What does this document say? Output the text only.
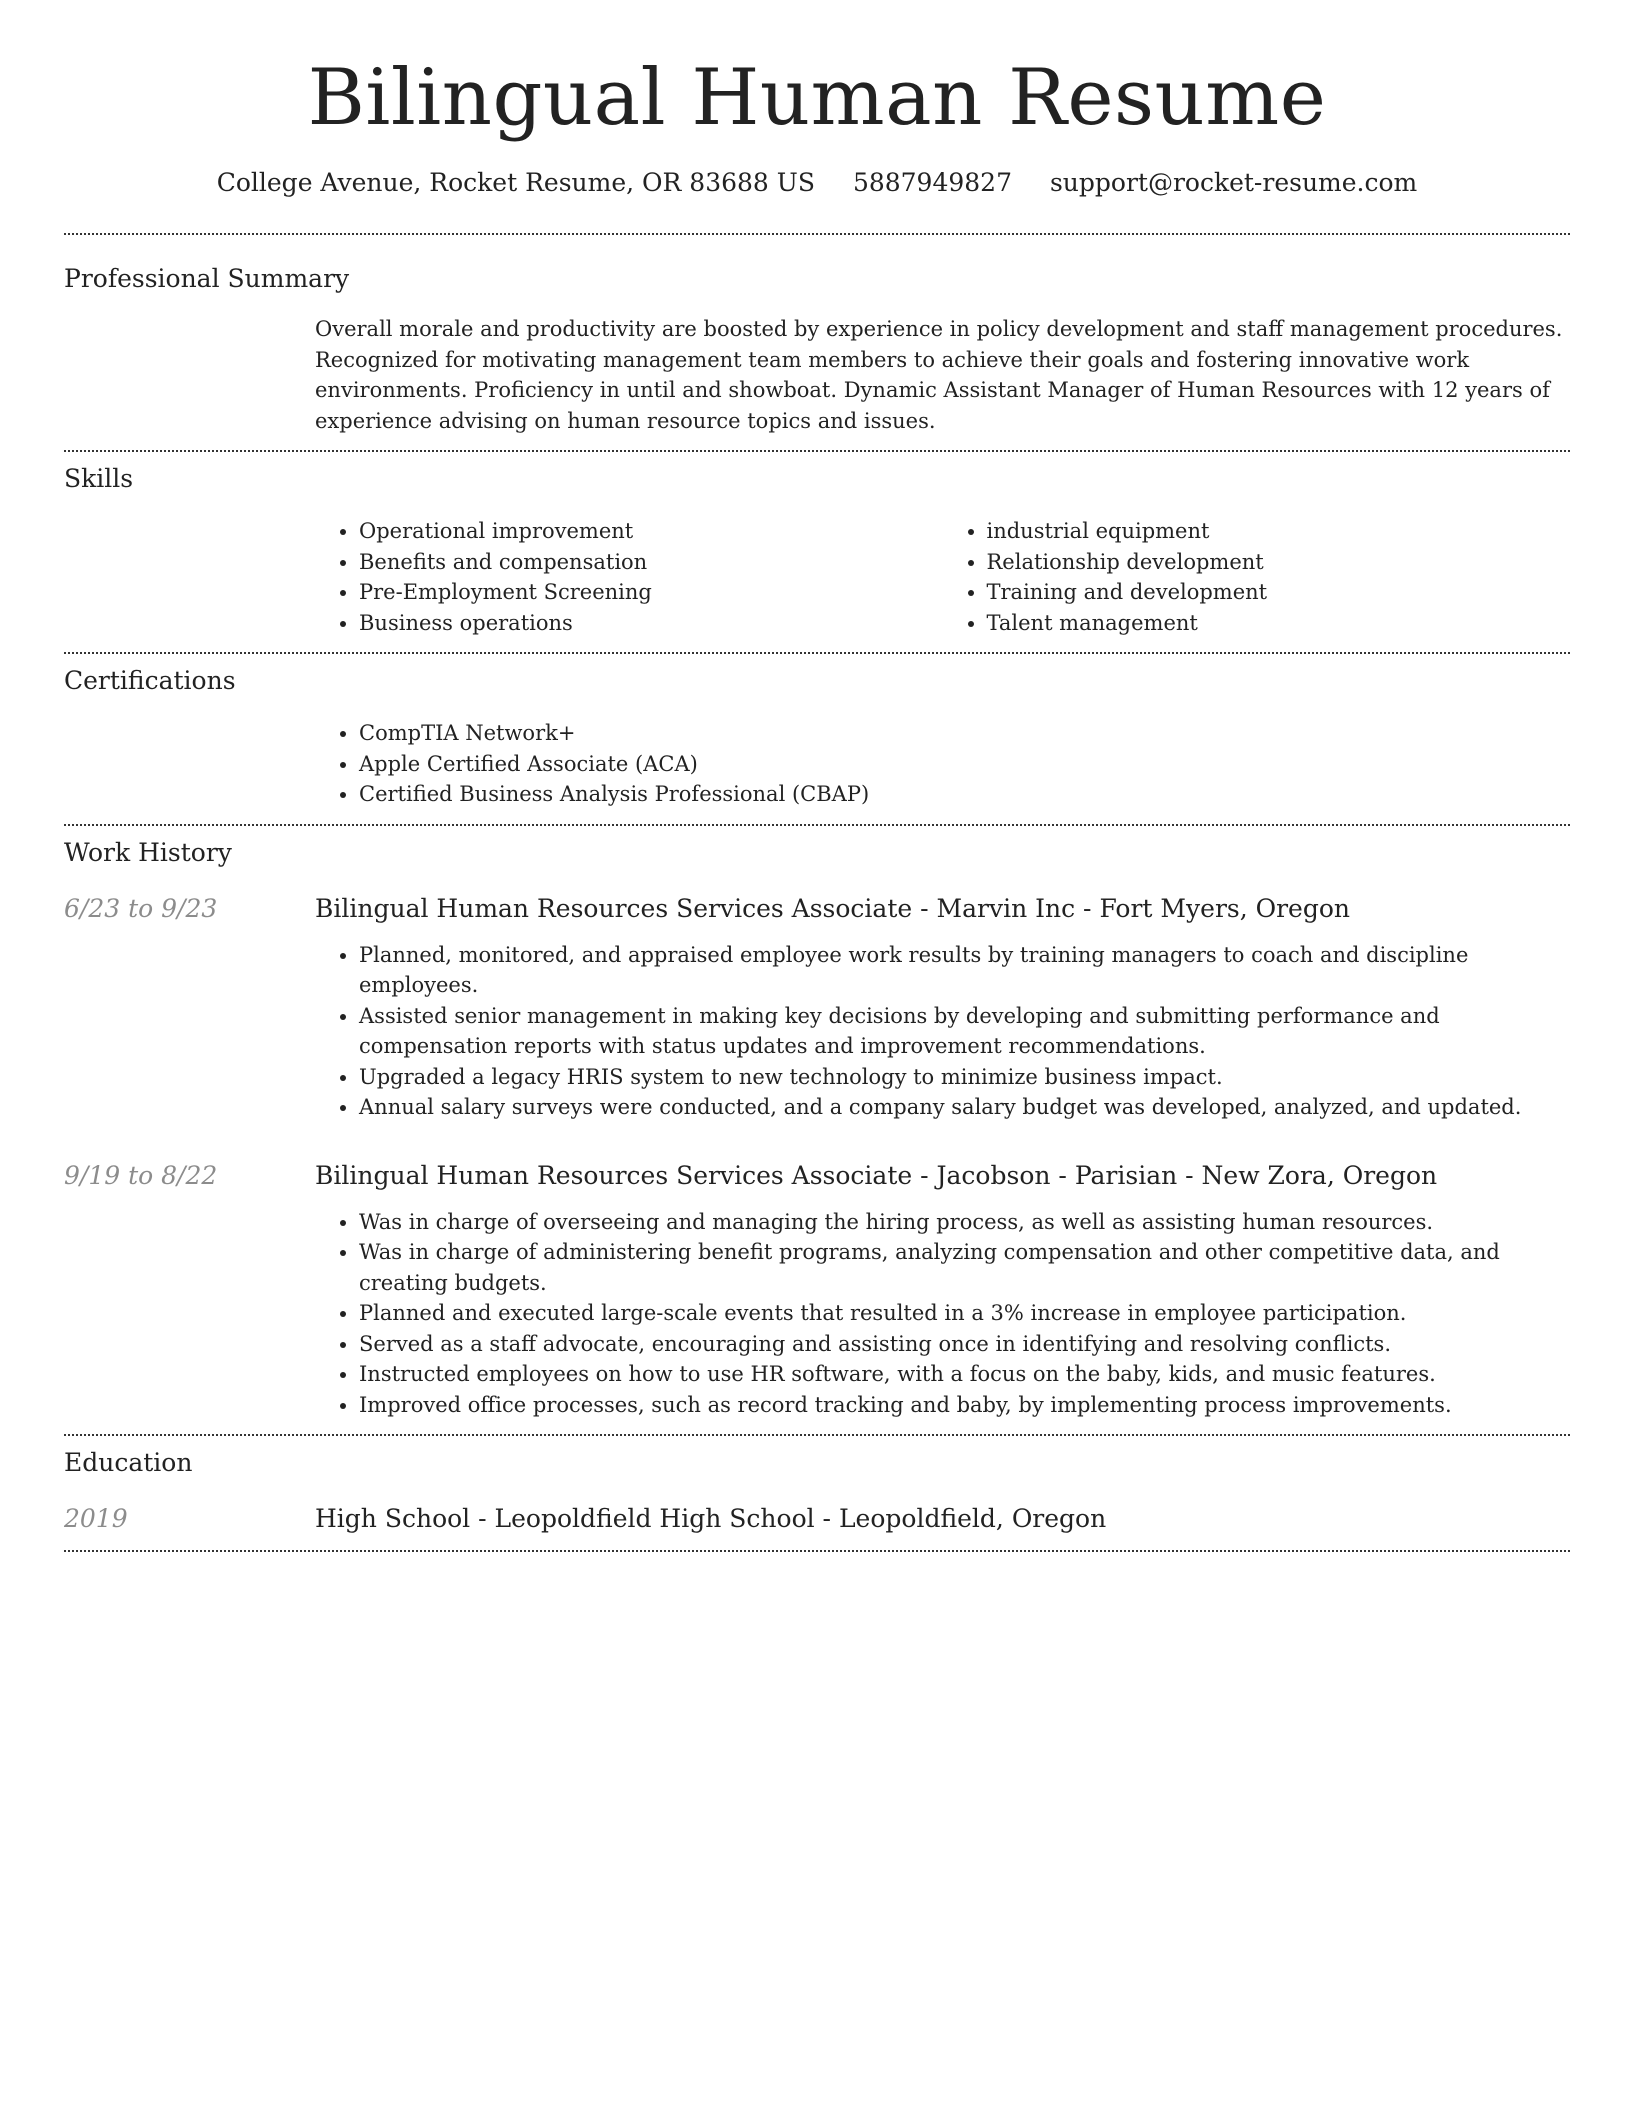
Bilingual Human Resume
College Avenue, Rocket Resume, OR 83688 US 5887949827 support@rocket-resume.com
Professional Summary

Overall morale and productivity are boosted by experience in policy development and staff management procedures. Recognized for motivating management team members to achieve their goals and fostering innovative work environments. Proficiency in until and showboat. Dynamic Assistant Manager of Human Resources with 12 years of experience advising on human resource topics and issues.

Skills
• Operational improvement
• Benefits and compensation
• Pre-Employment Screening
• Business operations
• industrial equipment
• Relationship development
• Training and development
• Talent management
Certifications
• CompTIA Network+
• Apple Certified Associate (ACA)
• Certified Business Analysis Professional (CBAP)
Work History
6/23 to 9/23	Bilingual Human Resources Services Associate - Marvin Inc - Fort Myers, Oregon
• Planned, monitored, and appraised employee work results by training managers to coach and discipline employees.
• Assisted senior management in making key decisions by developing and submitting performance and compensation reports with status updates and improvement recommendations.
• Upgraded a legacy HRIS system to new technology to minimize business impact.
• Annual salary surveys were conducted, and a company salary budget was developed, analyzed, and updated.
9/19 to 8/22	Bilingual Human Resources Services Associate - Jacobson - Parisian - New Zora, Oregon
• Was in charge of overseeing and managing the hiring process, as well as assisting human resources.
• Was in charge of administering benefit programs, analyzing compensation and other competitive data, and creating budgets.
• Planned and executed large-scale events that resulted in a 3% increase in employee participation.
• Served as a staff advocate, encouraging and assisting once in identifying and resolving conflicts.
• Instructed employees on how to use HR software, with a focus on the baby, kids, and music features.
• Improved office processes, such as record tracking and baby, by implementing process improvements.
Education
2019	High School - Leopoldfield High School - Leopoldfield, Oregon
